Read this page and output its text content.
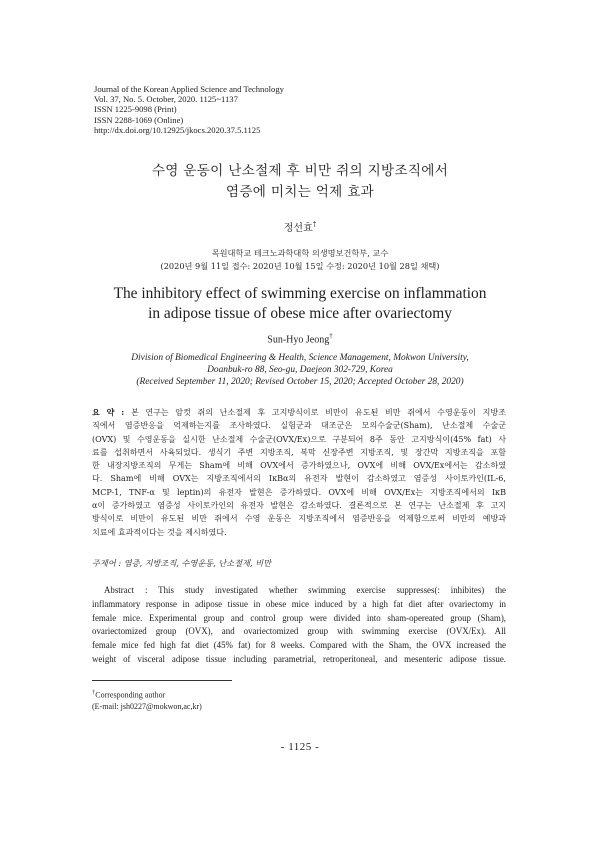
Journal of the Korean Applied Science and Technology
Vol. 37, No. 5. October, 2020. 1125~1137
ISSN 1225-9098 (Print)
ISSN 2288-1069 (Online)
http://dx.doi.org/10.12925/jkocs.2020.37.5.1125
수영 운동이 난소절제 후 비만 쥐의 지방조직에서
염증에 미치는 억제 효과
정선효†
목원대학교 테크노과학대학 의생명보건학부, 교수
(2020년 9월 11일 접수: 2020년 10월 15일 수정: 2020년 10월 28일 채택)
The inhibitory effect of swimming exercise on inflammation
in adipose tissue of obese mice after ovariectomy
Sun-Hyo Jeong†
Division of Biomedical Engineering & Health, Science Management, Mokwon University,
Doanbuk-ro 88, Seo-gu, Daejeon 302-729, Korea
(Received September 11, 2020; Revised October 15, 2020; Accepted October 28, 2020)
요 약 : 본 연구는 암컷 쥐의 난소절제 후 고지방식이로 비만이 유도된 비만 쥐에서 수영운동이 지방조
직에서 염증반응을 억제하는지를 조사하였다. 실험군과 대조군은 모의수술군(Sham), 난소절제 수술군
(OVX) 및 수영운동을 실시한 난소절제 수술군(OVX/Ex)으로 구분되어 8주 동안 고지방식이(45% fat) 사
료를 섭취하면서 사육되었다. 생식기 주변 지방조직, 복막 신장주변 지방조직, 및 장간막 지방조직을 포함
한 내장지방조직의 무게는 Sham에 비해 OVX에서 증가하였으나, OVX에 비해 OVX/Ex에서는 감소하였
다. Sham에 비해 OVX는 지방조직에서의 IκBα의 유전자 발현이 감소하였고 염증성 사이토카인(IL-6,
MCP-1, TNF-α 및 leptin)의 유전자 발현은 증가하였다. OVX에 비해 OVX/Ex는 지방조직에서의 IκB
α이 증가하였고 염증성 사이토카인의 유전자 발현은 감소하였다. 결론적으로 본 연구는 난소절제 후 고지
방식이로 비만이 유도된 비만 쥐에서 수영 운동은 지방조직에서 염증반응을 억제함으로써 비만의 예방과
치료에 효과적이다는 것을 제시하였다.
주제어 : 염증, 지방조직, 수영운동, 난소절제, 비만
Abstract : This study investigated whether swimming exercise suppresses(: inhibites) the
inflammatory response in adipose tissue in obese mice induced by a high fat diet after ovariectomy in
female mice. Experimental group and control group were divided into sham-opereated group (Sham),
ovariectomized group (OVX), and ovariectomized group with swimming exercise (OVX/Ex). All
female mice fed high fat diet (45% fat) for 8 weeks. Compared with the Sham, the OVX increased the
weight of visceral adipose tissue including parametrial, retroperitoneal, and mesenteric adipose tissue.
†Corresponding author
(E-mail: jsh0227@mokwon,ac,kr)
- 1125 -
